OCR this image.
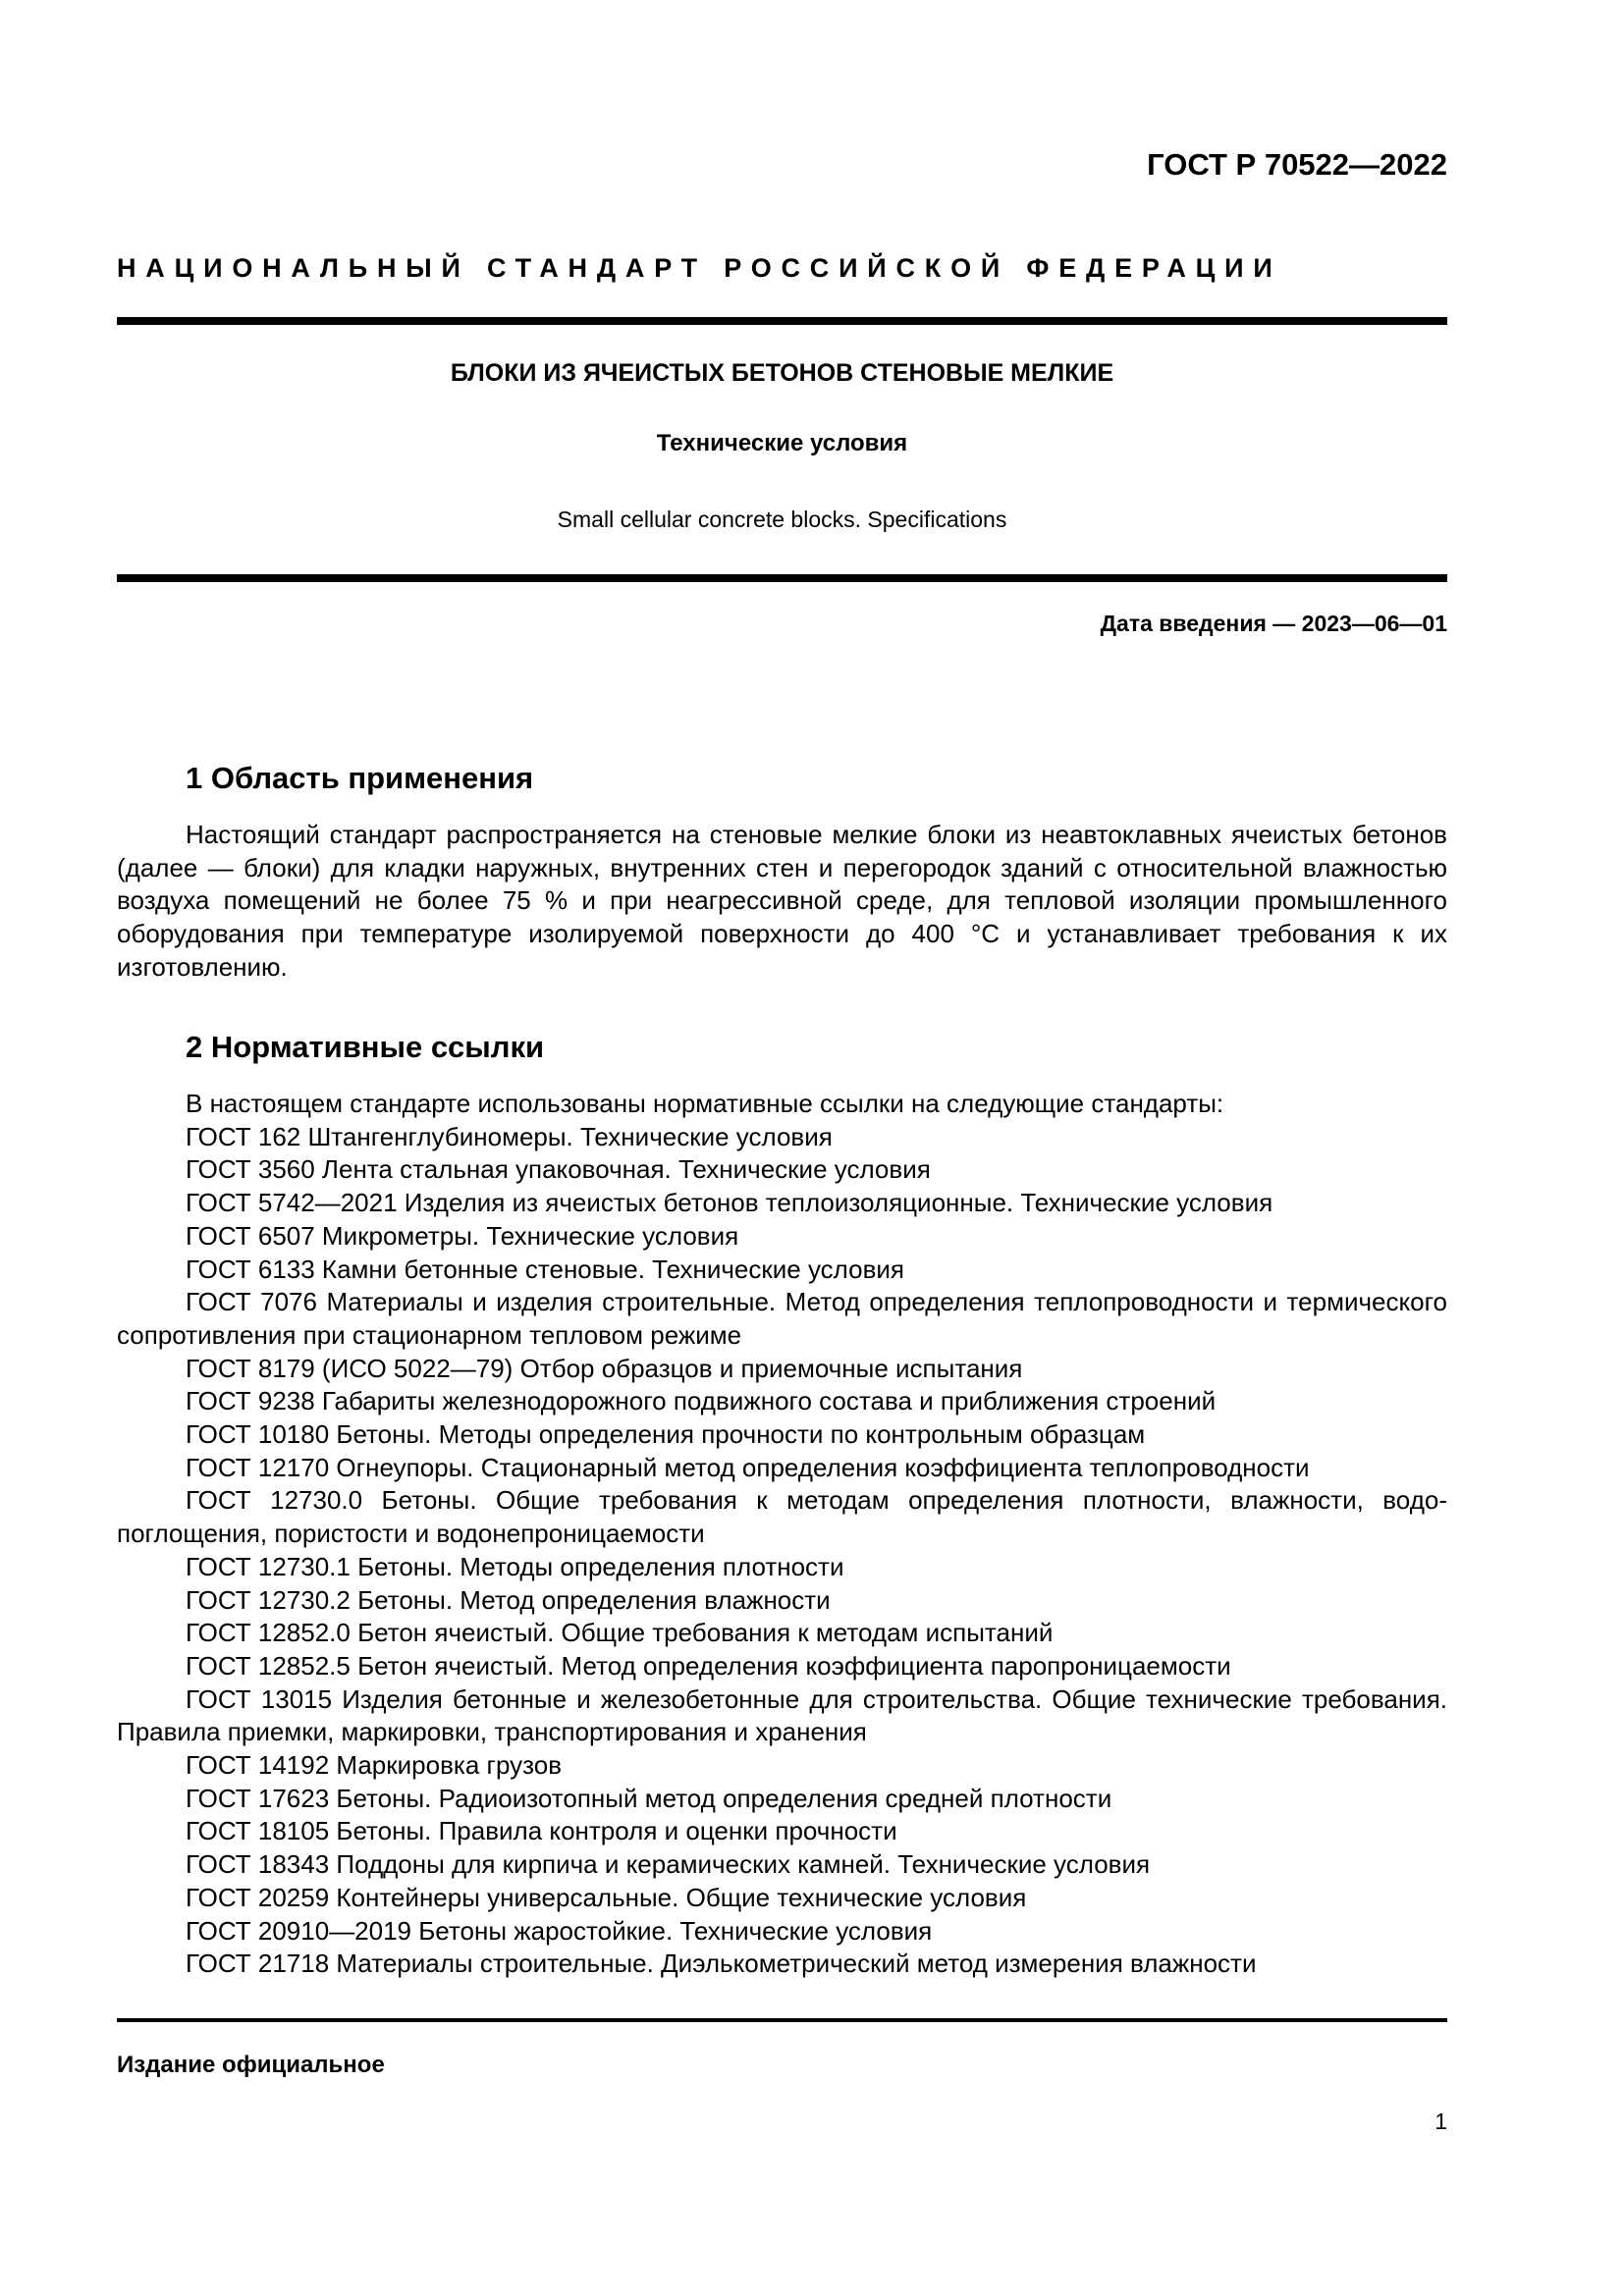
ГОСТ Р 70522—2022
НАЦИОНАЛЬНЫЙ СТАНДАРТ РОССИЙСКОЙ ФЕДЕРАЦИИ
БЛОКИ ИЗ ЯЧЕИСТЫХ БЕТОНОВ СТЕНОВЫЕ МЕЛКИЕ
Технические условия
Small cellular concrete blocks. Specifications
Дата введения — 2023—06—01
1 Область применения
Настоящий стандарт распространяется на стеновые мелкие блоки из неавтоклавных ячеистых бетонов (далее — блоки) для кладки наружных, внутренних стен и перегородок зданий с относительной влажностью воздуха помещений не более 75 % и при неагрессивной среде, для тепловой изоляции промышленного оборудования при температуре изолируемой поверхности до 400 °С и устанавливает требования к их изготовлению.
2 Нормативные ссылки
В настоящем стандарте использованы нормативные ссылки на следующие стандарты:
ГОСТ 162 Штангенглубиномеры. Технические условия
ГОСТ 3560 Лента стальная упаковочная. Технические условия
ГОСТ 5742—2021 Изделия из ячеистых бетонов теплоизоляционные. Технические условия
ГОСТ 6507 Микрометры. Технические условия
ГОСТ 6133 Камни бетонные стеновые. Технические условия
ГОСТ 7076 Материалы и изделия строительные. Метод определения теплопроводности и термического сопротивления при стационарном тепловом режиме
ГОСТ 8179 (ИСО 5022—79) Отбор образцов и приемочные испытания
ГОСТ 9238 Габариты железнодорожного подвижного состава и приближения строений
ГОСТ 10180 Бетоны. Методы определения прочности по контрольным образцам
ГОСТ 12170 Огнеупоры. Стационарный метод определения коэффициента теплопроводности
ГОСТ 12730.0 Бетоны. Общие требования к методам определения плотности, влажности, водопоглощения, пористости и водонепроницаемости
ГОСТ 12730.1 Бетоны. Методы определения плотности
ГОСТ 12730.2 Бетоны. Метод определения влажности
ГОСТ 12852.0 Бетон ячеистый. Общие требования к методам испытаний
ГОСТ 12852.5 Бетон ячеистый. Метод определения коэффициента паропроницаемости
ГОСТ 13015 Изделия бетонные и железобетонные для строительства. Общие технические требования. Правила приемки, маркировки, транспортирования и хранения
ГОСТ 14192 Маркировка грузов
ГОСТ 17623 Бетоны. Радиоизотопный метод определения средней плотности
ГОСТ 18105 Бетоны. Правила контроля и оценки прочности
ГОСТ 18343 Поддоны для кирпича и керамических камней. Технические условия
ГОСТ 20259 Контейнеры универсальные. Общие технические условия
ГОСТ 20910—2019 Бетоны жаростойкие. Технические условия
ГОСТ 21718 Материалы строительные. Диэлькометрический метод измерения влажности
Издание официальное
1
